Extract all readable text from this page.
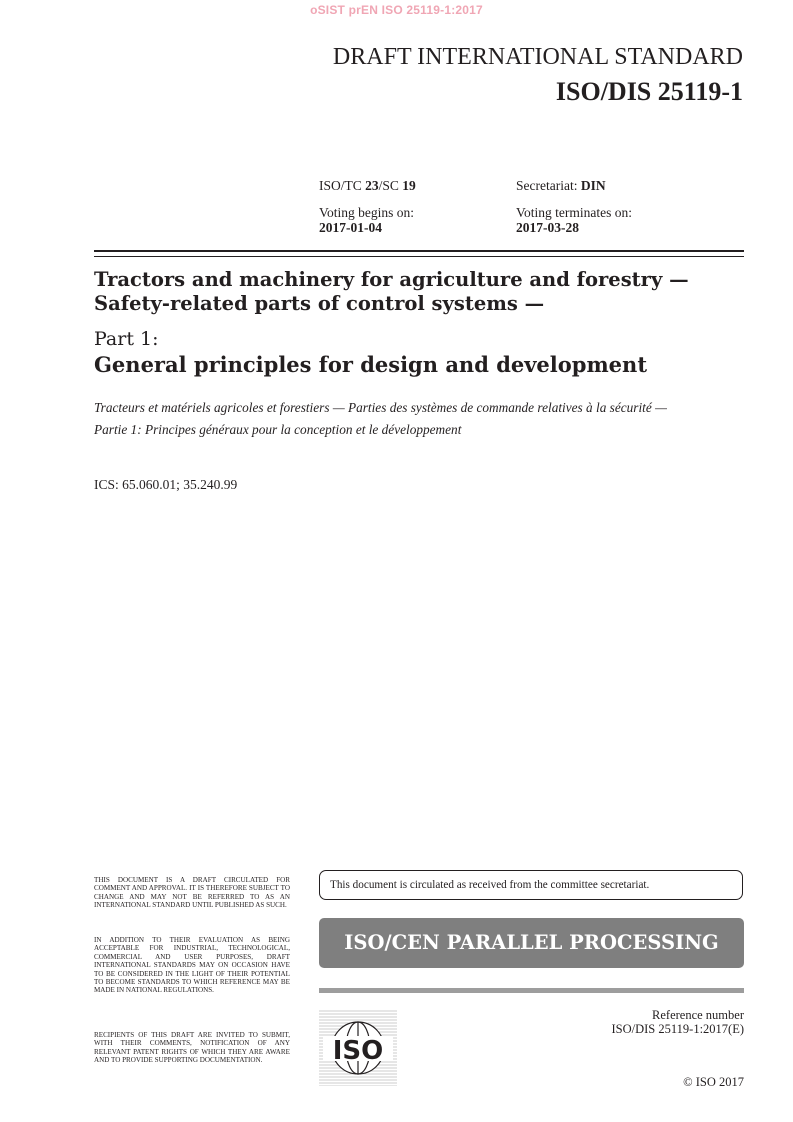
oSIST prEN ISO 25119-1:2017
DRAFT INTERNATIONAL STANDARD
ISO/DIS 25119-1
ISO/TC 23/SC 19	Secretariat: DIN
Voting begins on:
2017-01-04
Voting terminates on:
2017-03-28
Tractors and machinery for agriculture and forestry —
Safety-related parts of control systems —
Part 1:
General principles for design and development
Tracteurs et matériels agricoles et forestiers — Parties des systèmes de commande relatives à la sécurité —
Partie 1: Principes généraux pour la conception et le développement
ICS: 65.060.01; 35.240.99
THIS DOCUMENT IS A DRAFT CIRCULATED FOR COMMENT AND APPROVAL. IT IS THEREFORE SUBJECT TO CHANGE AND MAY NOT BE REFERRED TO AS AN INTERNATIONAL STANDARD UNTIL PUBLISHED AS SUCH.
IN ADDITION TO THEIR EVALUATION AS BEING ACCEPTABLE FOR INDUSTRIAL, TECHNOLOGICAL, COMMERCIAL AND USER PURPOSES, DRAFT INTERNATIONAL STANDARDS MAY ON OCCASION HAVE TO BE CONSIDERED IN THE LIGHT OF THEIR POTENTIAL TO BECOME STANDARDS TO WHICH REFERENCE MAY BE MADE IN NATIONAL REGULATIONS.
RECIPIENTS OF THIS DRAFT ARE INVITED TO SUBMIT, WITH THEIR COMMENTS, NOTIFICATION OF ANY RELEVANT PATENT RIGHTS OF WHICH THEY ARE AWARE AND TO PROVIDE SUPPORTING DOCUMENTATION.
This document is circulated as received from the committee secretariat.
ISO/CEN PARALLEL PROCESSING
ISO
Reference number
ISO/DIS 25119-1:2017(E)
© ISO 2017
